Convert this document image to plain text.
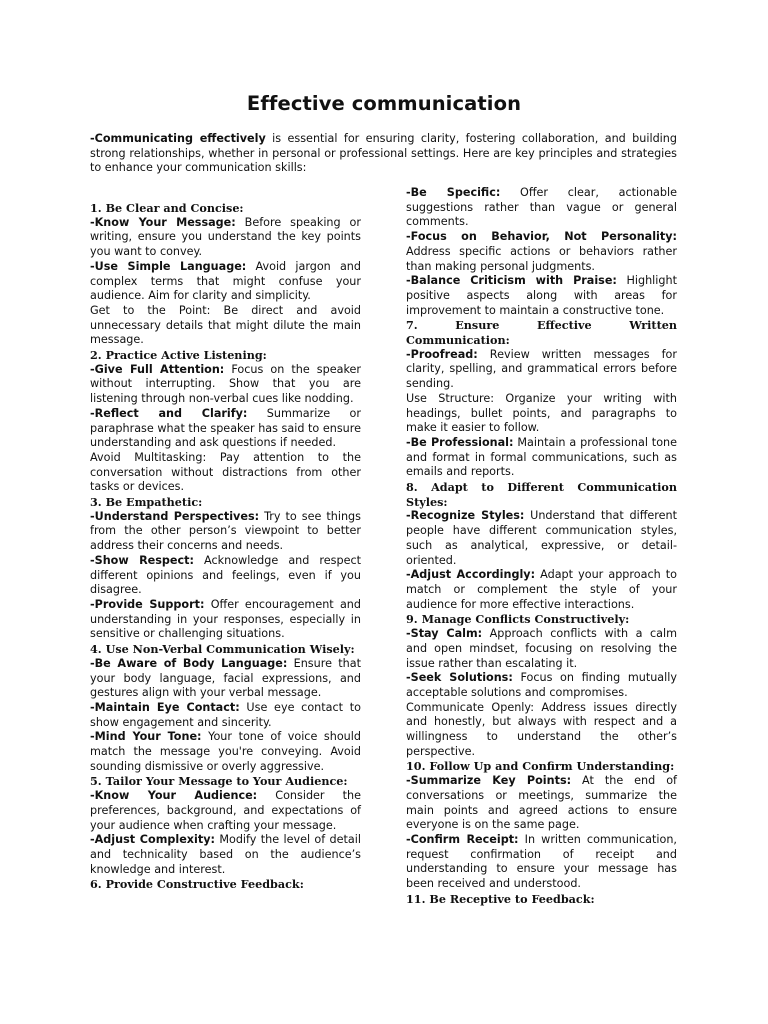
Effective communication

-Communicating effectively is essential for ensuring clarity, fostering collaboration, and building strong relationships, whether in personal or professional settings. Here are key principles and strategies to enhance your communication skills:

1. Be Clear and Concise:

-Know Your Message: Before speaking or writing, ensure you understand the key points you want to convey.

-Use Simple Language: Avoid jargon and complex terms that might confuse your audience. Aim for clarity and simplicity.

Get to the Point: Be direct and avoid unnecessary details that might dilute the main message.

2. Practice Active Listening:

-Give Full Attention: Focus on the speaker without interrupting. Show that you are listening through non-verbal cues like nodding.

-Reflect and Clarify: Summarize or paraphrase what the speaker has said to ensure understanding and ask questions if needed.

Avoid Multitasking: Pay attention to the conversation without distractions from other tasks or devices.

3. Be Empathetic:

-Understand Perspectives: Try to see things from the other person’s viewpoint to better address their concerns and needs.

-Show Respect: Acknowledge and respect different opinions and feelings, even if you disagree.

-Provide Support: Offer encouragement and understanding in your responses, especially in sensitive or challenging situations.

4. Use Non-Verbal Communication Wisely:

-Be Aware of Body Language: Ensure that your body language, facial expressions, and gestures align with your verbal message.

-Maintain Eye Contact: Use eye contact to show engagement and sincerity.

-Mind Your Tone: Your tone of voice should match the message you're conveying. Avoid sounding dismissive or overly aggressive.

5. Tailor Your Message to Your Audience:

-Know Your Audience: Consider the preferences, background, and expectations of your audience when crafting your message.

-Adjust Complexity: Modify the level of detail and technicality based on the audience’s knowledge and interest.

6. Provide Constructive Feedback:

-Be Specific: Offer clear, actionable suggestions rather than vague or general comments.

-Focus on Behavior, Not Personality: Address specific actions or behaviors rather than making personal judgments.

-Balance Criticism with Praise: Highlight positive aspects along with areas for improvement to maintain a constructive tone.

7. Ensure Effective Written Communication:

-Proofread: Review written messages for clarity, spelling, and grammatical errors before sending.

Use Structure: Organize your writing with headings, bullet points, and paragraphs to make it easier to follow.

-Be Professional: Maintain a professional tone and format in formal communications, such as emails and reports.

8. Adapt to Different Communication Styles:

-Recognize Styles: Understand that different people have different communication styles, such as analytical, expressive, or detail-oriented.

-Adjust Accordingly: Adapt your approach to match or complement the style of your audience for more effective interactions.

9. Manage Conflicts Constructively:

-Stay Calm: Approach conflicts with a calm and open mindset, focusing on resolving the issue rather than escalating it.

-Seek Solutions: Focus on finding mutually acceptable solutions and compromises.

Communicate Openly: Address issues directly and honestly, but always with respect and a willingness to understand the other’s perspective.

10. Follow Up and Confirm Understanding:

-Summarize Key Points: At the end of conversations or meetings, summarize the main points and agreed actions to ensure everyone is on the same page.

-Confirm Receipt: In written communication, request confirmation of receipt and understanding to ensure your message has been received and understood.

11. Be Receptive to Feedback:
